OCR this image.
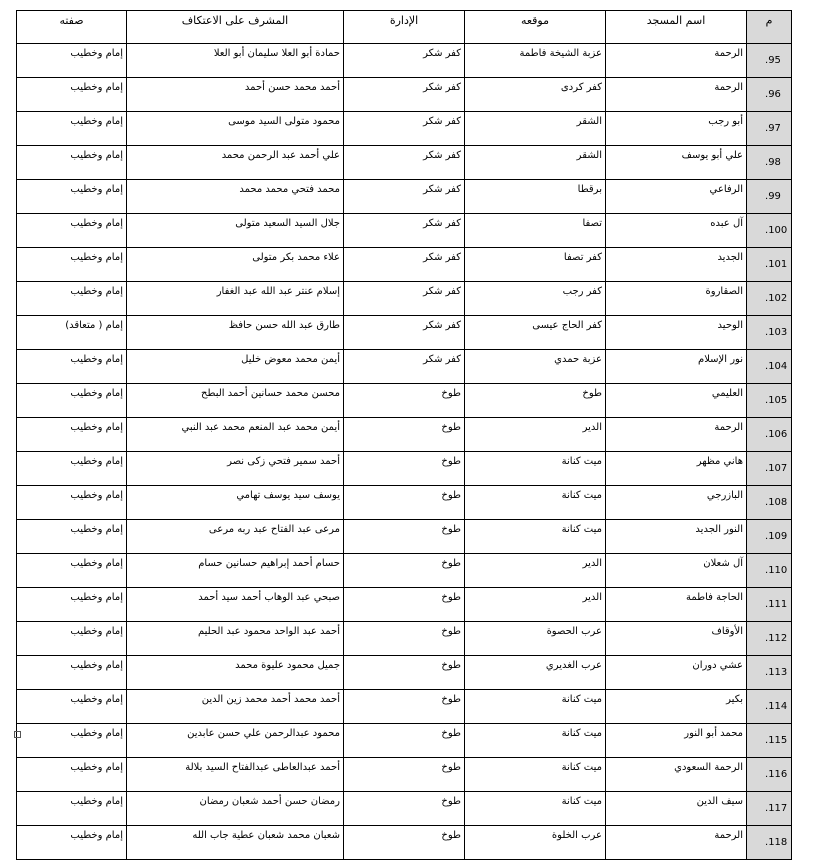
م	اسم المسجد	موقعه	الإدارة	المشرف على الاعتكاف	صفته
95.	الرحمة	عزبة الشيخة فاطمة	كفر شكر	حمادة أبو العلا سليمان أبو العلا	إمام وخطيب
96.	الرحمة	كفر كردى	كفر شكر	أحمد محمد حسن أحمد	إمام وخطيب
97.	أبو رجب	الشقر	كفر شكر	محمود متولى السيد موسى	إمام وخطيب
98.	علي أبو يوسف	الشقر	كفر شكر	علي أحمد عبد الرحمن محمد	إمام وخطيب
99.	الرفاعي	برقطا	كفر شكر	محمد فتحي محمد محمد	إمام وخطيب
100.	آل عبده	تصفا	كفر شكر	جلال السيد السعيد متولى	إمام وخطيب
101.	الجديد	كفر تصفا	كفر شكر	علاء محمد بكر متولى	إمام وخطيب
102.	الصقاروة	كفر رجب	كفر شكر	إسلام عنتر عبد الله عبد الغفار	إمام وخطيب
103.	الوحيد	كفر الحاج عيسى	كفر شكر	طارق عبد الله حسن حافظ	إمام ( متعاقد)
104.	نور الإسلام	عزبة حمدي	كفر شكر	أيمن محمد معوض خليل	إمام وخطيب
105.	العليمي	طوخ	طوخ	محسن محمد حسانين أحمد البطح	إمام وخطيب
106.	الرحمة	الدير	طوخ	أيمن محمد عبد المنعم محمد عبد النبي	إمام وخطيب
107.	هاني مظهر	ميت كنانة	طوخ	أحمد سمير فتحي زكى نصر	إمام وخطيب
108.	البازرجي	ميت كنانة	طوخ	يوسف سيد يوسف تهامي	إمام وخطيب
109.	النور الجديد	ميت كنانة	طوخ	مرعى عبد الفتاح عبد ربه مرعى	إمام وخطيب
110.	آل شعلان	الدير	طوخ	حسام أحمد إبراهيم حسانين حسام	إمام وخطيب
111.	الحاجة فاطمة	الدير	طوخ	صبحي عبد الوهاب أحمد سيد أحمد	إمام وخطيب
112.	الأوقاف	عرب الحصوة	طوخ	أحمد عبد الواحد محمود عبد الحليم	إمام وخطيب
113.	عشي دوران	عرب الغديري	طوخ	جميل محمود عليوة محمد	إمام وخطيب
114.	بكير	ميت كنانة	طوخ	أحمد محمد أحمد محمد زين الدين	إمام وخطيب
115.	محمد أبو النور	ميت كنانة	طوخ	محمود عبدالرحمن علي حسن عابدين	إمام وخطيب
116.	الرحمة السعودي	ميت كنانة	طوخ	أحمد عبدالعاطى عبدالفتاح السيد بلالة	إمام وخطيب
117.	سيف الدين	ميت كنانة	طوخ	رمضان حسن أحمد شعبان رمضان	إمام وخطيب
118.	الرحمة	عرب الخلوة	طوخ	شعبان محمد شعبان عطية جاب الله	إمام وخطيب
